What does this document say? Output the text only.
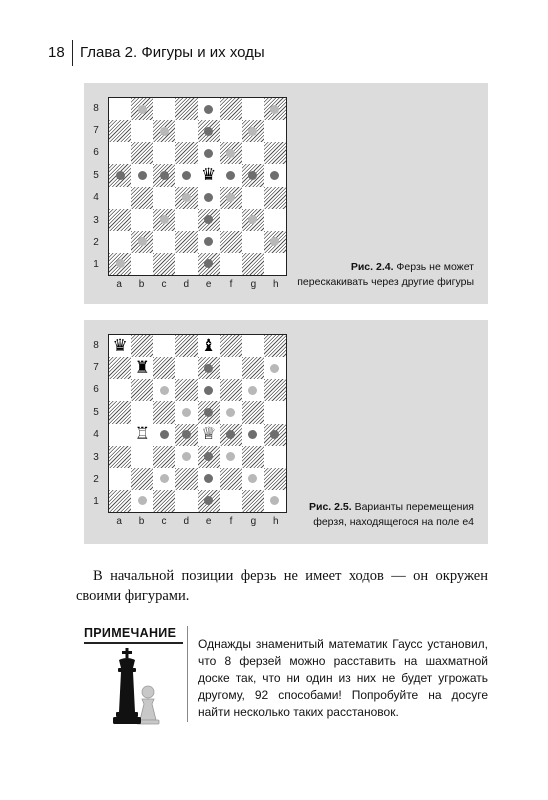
18 Глава 2. Фигуры и их ходы
8
7
6
5
4
3
2
1
♛
a	b	c	d	e	f	g	h
Рис. 2.4. Ферзь не может перескакивать через другие фигуры
8
7
6
5
4
3
2
1
♛	♝
♜
♖	♕
a	b	c	d	e	f	g	h
Рис. 2.5. Варианты перемещения ферзя, находящегося на поле е4

В начальной позиции ферзь не имеет ходов — он окружен своими фигурами.

ПРИМЕЧАНИЕ

Однажды знаменитый математик Гаусс установил, что 8 ферзей можно расставить на шахматной доске так, что ни один из них не будет угрожать другому, 92 способами! Попробуйте на досуге найти несколько таких расстановок.
